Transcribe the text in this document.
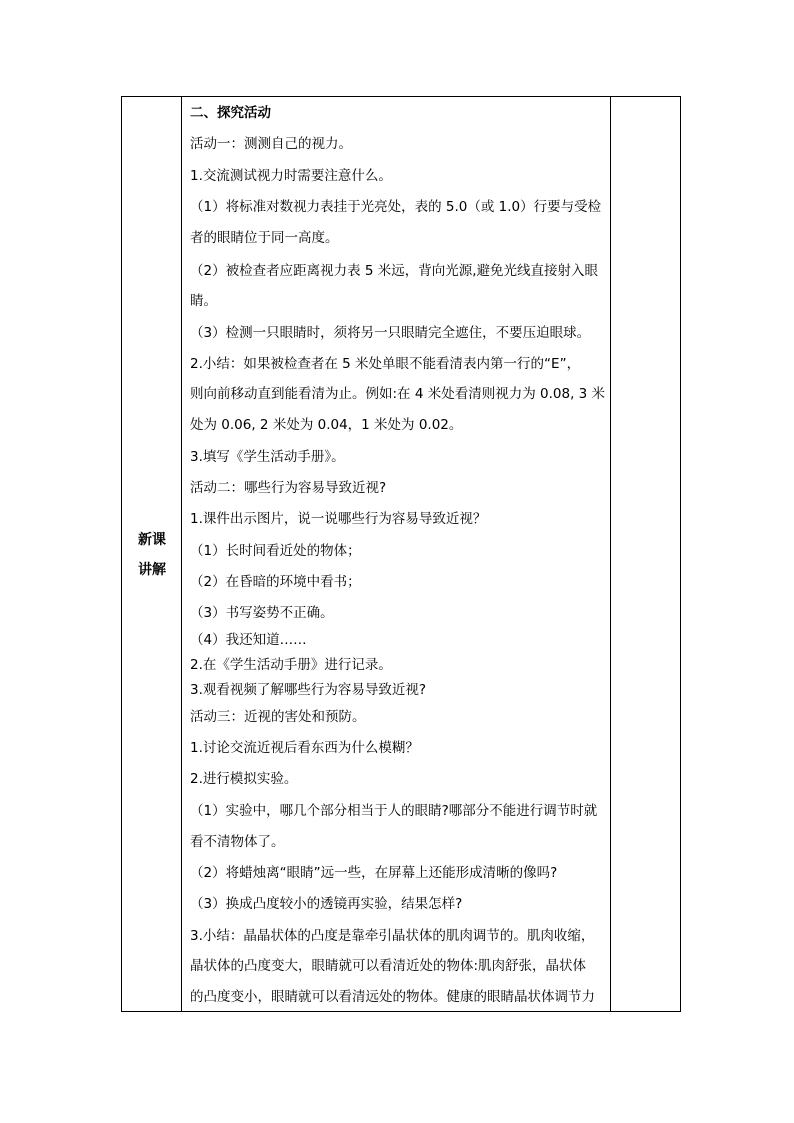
新课
讲解
二、探究活动
活动一：测测自己的视力。
1.交流测试视力时需要注意什么。
（1）将标准对数视力表挂于光亮处，表的 5.0（或 1.0）行要与受检
者的眼睛位于同一高度。
（2）被检查者应距离视力表 5 米远，背向光源,避免光线直接射入眼
睛。
（3）检测一只眼睛时，须将另一只眼睛完全遮住，不要压迫眼球。
2.小结：如果被检查者在 5 米处单眼不能看清表内第一行的“E”，
则向前移动直到能看清为止。例如:在 4 米处看清则视力为 0.08, 3 米
处为 0.06, 2 米处为 0.04，1 米处为 0.02。
3.填写《学生活动手册》。
活动二：哪些行为容易导致近视?
1.课件出示图片，说一说哪些行为容易导致近视？
（1）长时间看近处的物体；
（2）在昏暗的环境中看书；
（3）书写姿势不正确。
（4）我还知道……
2.在《学生活动手册》进行记录。
3.观看视频了解哪些行为容易导致近视?
活动三：近视的害处和预防。
1.讨论交流近视后看东西为什么模糊？
2.进行模拟实验。
（1）实验中，哪几个部分相当于人的眼睛?哪部分不能进行调节时就
看不清物体了。
（2）将蜡烛离“眼睛”远一些，在屏幕上还能形成清晰的像吗?
（3）换成凸度较小的透镜再实验，结果怎样?
3.小结：晶晶状体的凸度是靠牵引晶状体的肌肉调节的。肌肉收缩，
晶状体的凸度变大，眼睛就可以看清近处的物体:肌肉舒张，晶状体
的凸度变小，眼睛就可以看清远处的物体。健康的眼睛晶状体调节力
